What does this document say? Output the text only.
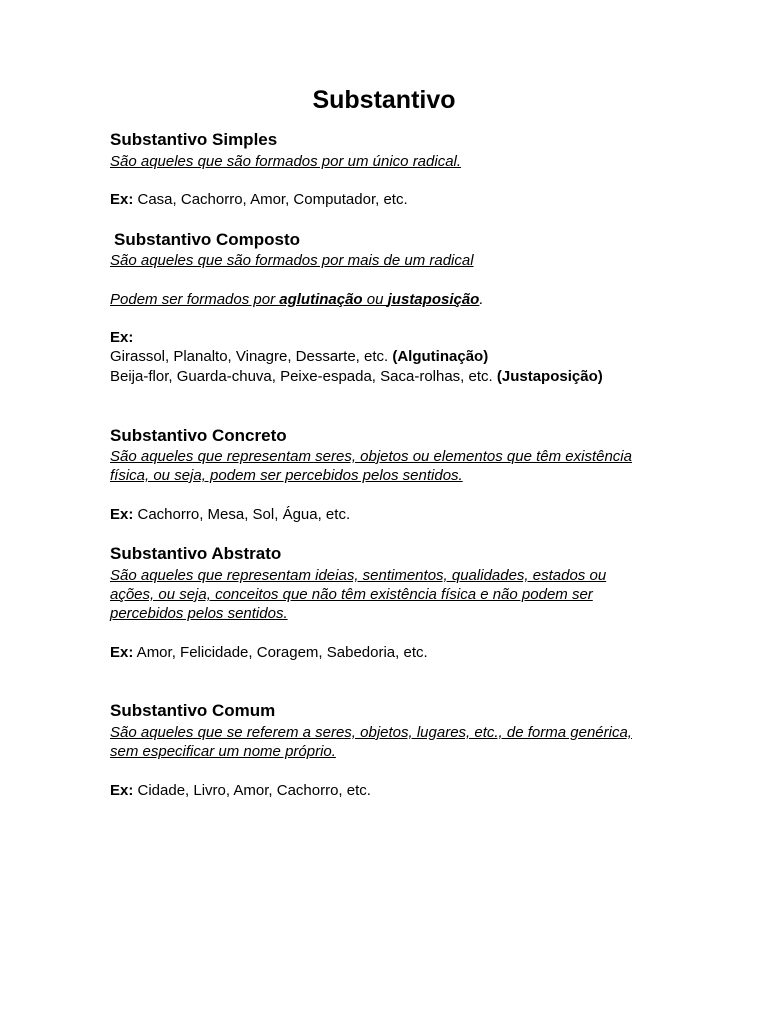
Substantivo
Substantivo Simples
São aqueles que são formados por um único radical.
Ex: Casa, Cachorro, Amor, Computador, etc.
Substantivo Composto
São aqueles que são formados por mais de um radical
Podem ser formados por aglutinação ou justaposição.
Ex:
Girassol, Planalto, Vinagre, Dessarte, etc. (Algutinação)
Beija-flor, Guarda-chuva, Peixe-espada, Saca-rolhas, etc. (Justaposição)
Substantivo Concreto
São aqueles que representam seres, objetos ou elementos que têm existência
física, ou seja, podem ser percebidos pelos sentidos.
Ex: Cachorro, Mesa, Sol, Água, etc.
Substantivo Abstrato
São aqueles que representam ideias, sentimentos, qualidades, estados ou
ações, ou seja, conceitos que não têm existência física e não podem ser
percebidos pelos sentidos.
Ex: Amor, Felicidade, Coragem, Sabedoria, etc.
Substantivo Comum
São aqueles que se referem a seres, objetos, lugares, etc., de forma genérica,
sem especificar um nome próprio.
Ex: Cidade, Livro, Amor, Cachorro, etc.
